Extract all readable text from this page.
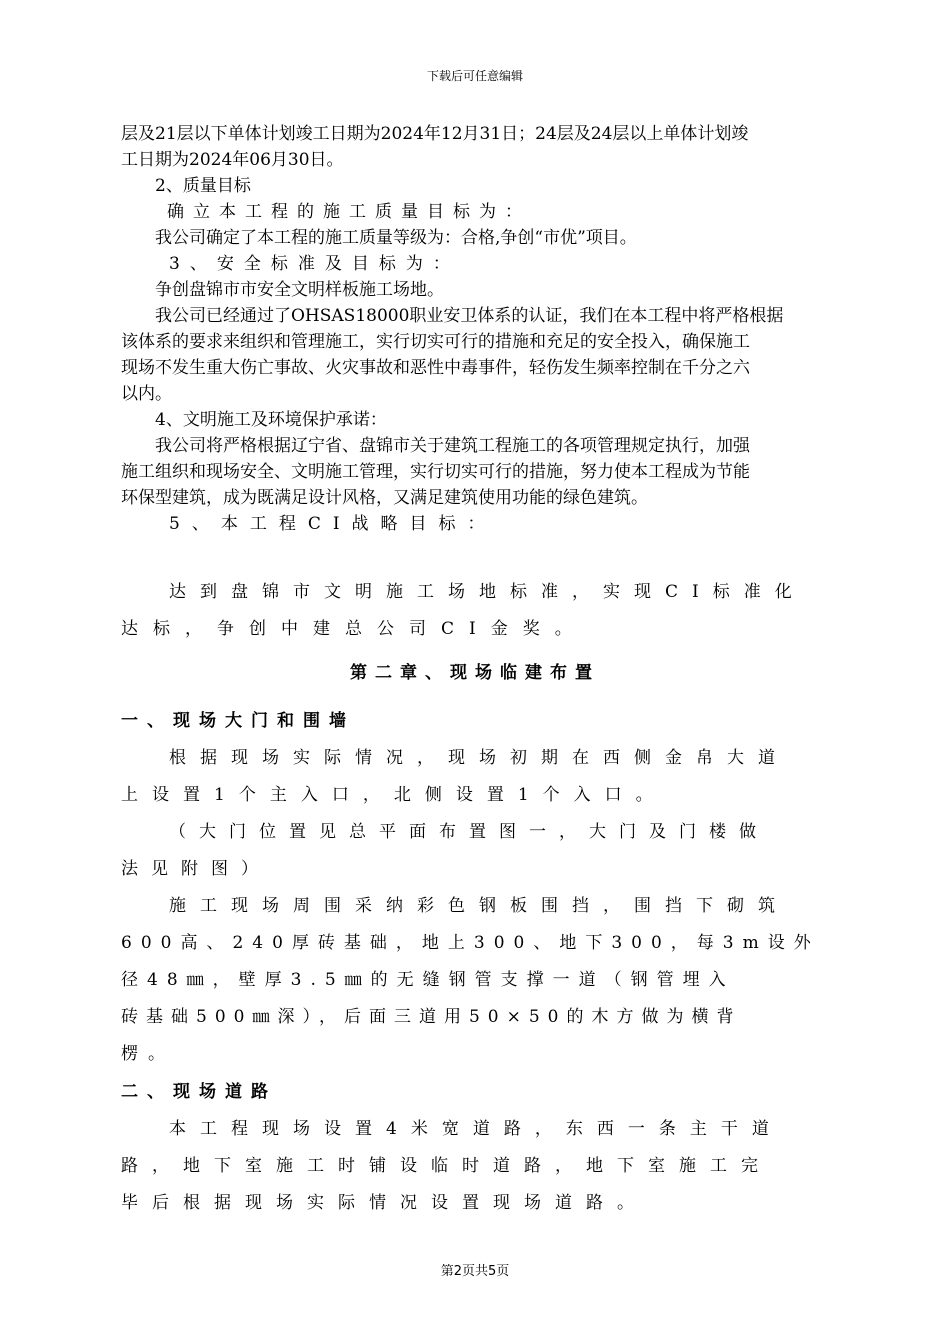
下载后可任意编辑
层及21层以下单体计划竣工日期为2024年12月31日；24层及24层以上单体计划竣
工日期为2024年06月30日。
2、质量目标
确立本工程的施工质量目标为：
我公司确定了本工程的施工质量等级为：合格,争创“市优”项目。
3、安全标准及目标为：
争创盘锦市市安全文明样板施工场地。
我公司已经通过了OHSAS18000职业安卫体系的认证，我们在本工程中将严格根据
该体系的要求来组织和管理施工，实行切实可行的措施和充足的安全投入，确保施工
现场不发生重大伤亡事故、火灾事故和恶性中毒事件，轻伤发生频率控制在千分之六
以内。
4、文明施工及环境保护承诺：
我公司将严格根据辽宁省、盘锦市关于建筑工程施工的各项管理规定执行，加强
施工组织和现场安全、文明施工管理，实行切实可行的措施，努力使本工程成为节能
环保型建筑，成为既满足设计风格，又满足建筑使用功能的绿色建筑。
5、本工程CI战略目标：
达到盘锦市文明施工场地标准，实现CI标准化
达标，争创中建总公司CI金奖。
第二章、现场临建布置
一、现场大门和围墙
根据现场实际情况，现场初期在西侧金帛大道
上设置1个主入口，北侧设置1个入口。
（大门位置见总平面布置图一，大门及门楼做
法见附图）
施工现场周围采纳彩色钢板围挡，围挡下砌筑
600高、240厚砖基础，地上300、地下300，每3m设外
径48㎜，壁厚3.5㎜的无缝钢管支撑一道（钢管埋入
砖基础500㎜深），后面三道用50×50的木方做为横背
楞。
二、现场道路
本工程现场设置4米宽道路，东西一条主干道
路，地下室施工时铺设临时道路，地下室施工完
毕后根据现场实际情况设置现场道路。
第2页共5页
